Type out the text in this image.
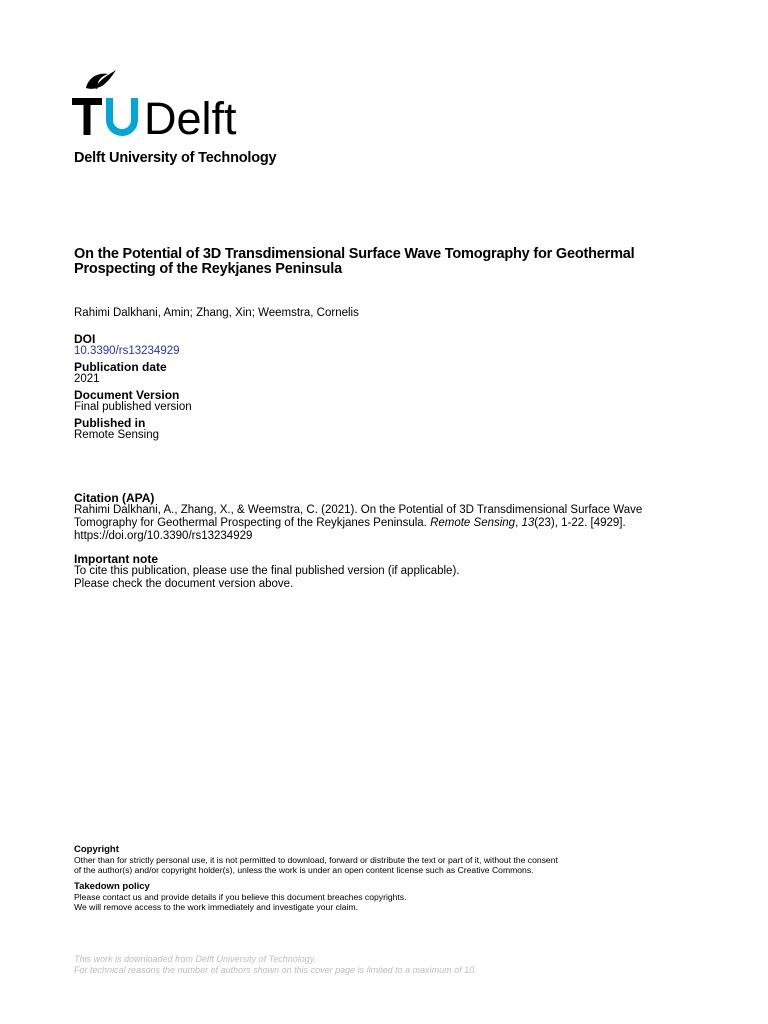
Delft
Delft University of Technology
On the Potential of 3D Transdimensional Surface Wave Tomography for Geothermal Prospecting of the Reykjanes Peninsula
Rahimi Dalkhani, Amin; Zhang, Xin; Weemstra, Cornelis
DOI
10.3390/rs13234929
Publication date
2021
Document Version
Final published version
Published in
Remote Sensing
Citation (APA)
Rahimi Dalkhani, A., Zhang, X., & Weemstra, C. (2021). On the Potential of 3D Transdimensional Surface Wave Tomography for Geothermal Prospecting of the Reykjanes Peninsula. Remote Sensing, 13(23), 1-22. [4929]. https://doi.org/10.3390/rs13234929
Important note
To cite this publication, please use the final published version (if applicable).
Please check the document version above.
Copyright
Other than for strictly personal use, it is not permitted to download, forward or distribute the text or part of it, without the consent
of the author(s) and/or copyright holder(s), unless the work is under an open content license such as Creative Commons.
Takedown policy
Please contact us and provide details if you believe this document breaches copyrights.
We will remove access to the work immediately and investigate your claim.
This work is downloaded from Delft University of Technology.
For technical reasons the number of authors shown on this cover page is limited to a maximum of 10.
